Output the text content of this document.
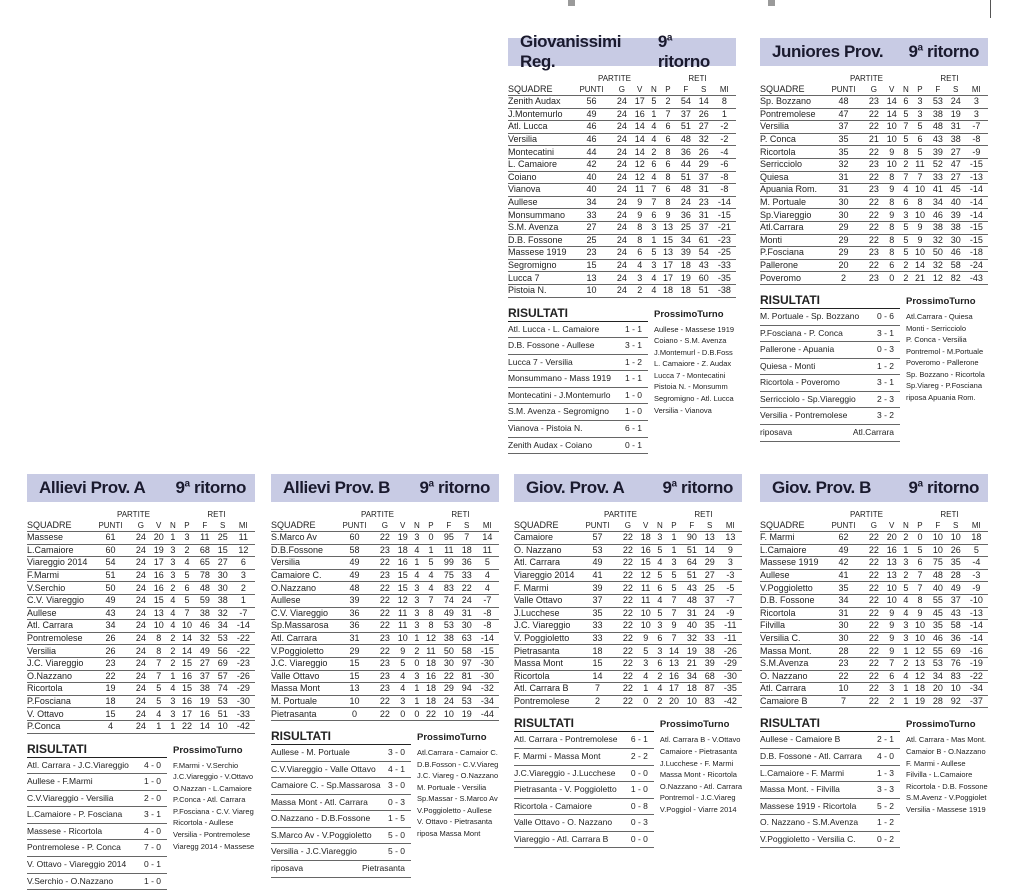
Giovanissimi Reg.
9$^a$ ritorno
	PARTITE				RETI			
SQUADRE	PUNTI	G	V	N	P	F	S	MI
Zenith Audax	56	24	17	5	2	54	14	8
J.Montemurlo	49	24	16	1	7	37	26	1
Atl. Lucca	46	24	14	4	6	51	27	-2
Versilia	46	24	14	4	6	48	32	-2
Montecatini	44	24	14	2	8	36	26	-4
L. Camaiore	42	24	12	6	6	44	29	-6
Coiano	40	24	12	4	8	51	37	-8
Vianova	40	24	11	7	6	48	31	-8
Aullese	34	24	9	7	8	24	23	-14
Monsummano	33	24	9	6	9	36	31	-15
S.M. Avenza	27	24	8	3	13	25	37	-21
D.B. Fossone	25	24	8	1	15	34	61	-23
Massese 1919	23	24	6	5	13	39	54	-25
Segromigno	15	24	4	3	17	18	43	-33
Lucca 7	13	24	3	4	17	19	60	-35
Pistoia N.	10	24	2	4	18	18	51	-38
RISULTATI
Atl. Lucca - L. Camaiore	1 - 1
D.B. Fossone - Aullese	3 - 1
Lucca 7 - Versilia	1 - 2
Monsummano - Mass 1919 1 - 1
Montecatini - J.Montemurlo 1 - 0
S.M. Avenza - Segromigno 1 - 0
Vianova - Pistoia N.	6 - 1
Zenith Audax - Coiano	0 - 1
ProssimoTurno
Aullese - Massese 1919
Coiano - S.M. Avenza
J.Montemurl - D.B.Foss
L. Camaiore - Z. Audax
Lucca 7 - Montecatini
Pistoia N. - Monsumm
Segromigno - Atl. Lucca
Versilia - Vianova
Juniores Prov. 9$^a$ ritorno
	PARTITE				RETI			
SQUADRE	PUNTI	G	V	N	P	F	S	MI
Sp. Bozzano	48	23	14	6	3	53	24	3
Pontremolese	47	22	14	5	3	38	19	3
Versilia	37	22	10	7	5	48	31	-7
P. Conca	35	21	10	5	6	43	38	-8
Ricortola	35	22	9	8	5	39	27	-9
Serricciolo	32	23	10	2	11	52	47	-15
Quiesa	31	22	8	7	7	33	27	-13
Apuania Rom.	31	23	9	4	10	41	45	-14
M. Portuale	30	22	8	6	8	34	40	-14
Sp.Viareggio	30	22	9	3	10	46	39	-14
Atl.Carrara	29	22	8	5	9	38	38	-15
Monti	29	22	8	5	9	32	30	-15
P.Fosciana	29	23	8	5	10	50	46	-18
Pallerone	20	22	6	2	14	32	58	-24
Poveromo	2	23	0	2	21	12	82	-43
RISULTATI
M. Portuale - Sp. Bozzano 0 - 6
P.Fosciana - P. Conca	3 - 1
Pallerone - Apuania	0 - 3
Quiesa - Monti	1 - 2
Ricortola - Poveromo	3 - 1
Serricciolo - Sp.Viareggio 2 - 3
Versilia - Pontremolese	3 - 2
riposava	Atl.Carrara
ProssimoTurno
Atl.Carrara - Quiesa
Monti - Serricciolo
P. Conca - Versilia
Pontremol - M.Portuale
Poveromo - Pallerone
Sp. Bozzano - Ricortola
Sp.Viareg - P.Fosciana
riposa Apuania Rom.
Allievi Prov. A 9$^a$ ritorno
	PARTITE				RETI			
SQUADRE	PUNTI	G	V	N	P	F	S	MI
Massese	61	24	20	1	3	11	25	11
L.Camaiore	60	24	19	3	2	68	15	12
Viareggio 2014	54	24	17	3	4	65	27	6
F.Marmi	51	24	16	3	5	78	30	3
V.Serchio	50	24	16	2	6	48	30	2
C.V. Viareggio	49	24	15	4	5	59	38	1
Aullese	43	24	13	4	7	38	32	-7
Atl. Carrara	34	24	10	4	10	46	34	-14
Pontremolese	26	24	8	2	14	32	53	-22
Versilia	26	24	8	2	14	49	56	-22
J.C. Viareggio	23	24	7	2	15	27	69	-23
O.Nazzano	22	24	7	1	16	37	57	-26
Ricortola	19	24	5	4	15	38	74	-29
P.Fosciana	18	24	5	3	16	19	53	-30
V. Ottavo	15	24	4	3	17	16	51	-33
P.Conca	4	24	1	1	22	14	10	-42
RISULTATI
Atl. Carrara - J.C.Viareggio 4 - 0
Aullese - F.Marmi	1 - 0
C.V.Viareggio - Versilia	2 - 0
L.Camaiore - P. Fosciana	3 - 1
Massese - Ricortola	4 - 0
Pontremolese - P. Conca	7 - 0
V. Ottavo - Viareggio 2014 0 - 1
V.Serchio - O.Nazzano	1 - 0
ProssimoTurno
F.Marmi - V.Serchio
J.C.Viareggio - V.Ottavo
O.Nazzan - L.Camaiore
P.Conca - Atl. Carrara
P.Fosciana - C.V. Viareg
Ricortola - Aullese
Versilia - Pontremolese
Viaregg 2014 - Massese
Allievi Prov. B 9$^a$ ritorno
	PARTITE				RETI			
SQUADRE	PUNTI	G	V	N	P	F	S	MI
S.Marco Av	60	22	19	3	0	95	7	14
D.B.Fossone	58	23	18	4	1	11	18	11
Versilia	49	22	16	1	5	99	36	5
Camaiore C.	49	23	15	4	4	75	33	4
O.Nazzano	48	22	15	3	4	83	22	4
Aullese	39	22	12	3	7	74	24	-7
C.V. Viareggio	36	22	11	3	8	49	31	-8
Sp.Massarosa	36	22	11	3	8	53	30	-8
Atl. Carrara	31	23	10	1	12	38	63	-14
V.Poggioletto	29	22	9	2	11	50	58	-15
J.C. Viareggio	15	23	5	0	18	30	97	-30
Valle Ottavo	15	23	4	3	16	22	81	-30
Massa Mont	13	23	4	1	18	29	94	-32
M. Portuale	10	22	3	1	18	24	53	-34
Pietrasanta	0	22	0	0	22	10	19	-44
RISULTATI
Aullese - M. Portuale	3 - 0
C.V.Viareggio - Valle Ottavo 4 - 1
Camaiore C. - Sp.Massarosa 3 - 0
Massa Mont - Atl. Carrara 0 - 3
O.Nazzano - D.B.Fossone 1 - 5
S.Marco Av - V.Poggioletto 5 - 0
Versilia - J.C.Viareggio	5 - 0
riposava	Pietrasanta
ProssimoTurno
Atl.Carrara - Camaior C.
D.B.Fosson - C.V.Viareg
J.C. Viareg - O.Nazzano
M. Portuale - Versilia
Sp.Massar - S.Marco Av
V.Poggioletto - Aullese
V. Ottavo - Pietrasanta
riposa Massa Mont
Giov. Prov. A 9$^a$ ritorno
	PARTITE				RETI			
SQUADRE	PUNTI	G	V	N	P	F	S	MI
Camaiore	57	22	18	3	1	90	13	13
O. Nazzano	53	22	16	5	1	51	14	9
Atl. Carrara	49	22	15	4	3	64	29	3
Viareggio 2014	41	22	12	5	5	51	27	-3
F. Marmi	39	22	11	6	5	43	25	-5
Valle Ottavo	37	22	11	4	7	48	37	-7
J.Lucchese	35	22	10	5	7	31	24	-9
J.C. Viareggio	33	22	10	3	9	40	35	-11
V. Poggioletto	33	22	9	6	7	32	33	-11
Pietrasanta	18	22	5	3	14	19	38	-26
Massa Mont	15	22	3	6	13	21	39	-29
Ricortola	14	22	4	2	16	34	68	-30
Atl. Carrara B	7	22	1	4	17	18	87	-35
Pontremolese	2	22	0	2	20	10	83	-42
RISULTATI
Atl. Carrara - Pontremolese 6 - 1
F. Marmi - Massa Mont	2 - 2
J.C.Viareggio - J.Lucchese 0 - 0
Pietrasanta - V. Poggioletto 1 - 0
Ricortola - Camaiore	0 - 8
Valle Ottavo - O. Nazzano 0 - 3
Viareggio - Atl. Carrara B	0 - 0
ProssimoTurno
Atl. Carrara B - V.Ottavo
Camaiore - Pietrasanta
J.Lucchese - F. Marmi
Massa Mont - Ricortola
O.Nazzano - Atl. Carrara
Pontremol - J.C.Viareg
V.Poggiol - Viarre 2014
Giov. Prov. B 9$^a$ ritorno
	PARTITE				RETI			
SQUADRE	PUNTI	G	V	N	P	F	S	MI
F. Marmi	62	22	20	2	0	10	10	18
L.Camaiore	49	22	16	1	5	10	26	5
Massese 1919	42	22	13	3	6	75	35	-4
Aullese	41	22	13	2	7	48	28	-3
V.Poggioletto	35	22	10	5	7	40	49	-9
D.B. Fossone	34	22	10	4	8	55	37	-10
Ricortola	31	22	9	4	9	45	43	-13
Filvilla	30	22	9	3	10	35	58	-14
Versilia C.	30	22	9	3	10	46	36	-14
Massa Mont.	28	22	9	1	12	55	69	-16
S.M.Avenza	23	22	7	2	13	53	76	-19
O. Nazzano	22	22	6	4	12	34	83	-22
Atl. Carrara	10	22	3	1	18	20	10	-34
Camaiore B	7	22	2	1	19	28	92	-37
RISULTATI
Aullese - Camaiore B	2 - 1
D.B. Fossone - Atl. Carrara 4 - 0
L.Camaiore - F. Marmi	1 - 3
Massa Mont. - Filvilla	3 - 3
Massese 1919 - Ricortola 5 - 2
O. Nazzano - S.M.Avenza 1 - 2
V.Poggioletto - Versilia C.	0 - 2
ProssimoTurno
Atl. Carrara - Mas Mont.
Camaior B - O.Nazzano
F. Marmi - Aullese
Filvilla - L.Camaiore
Ricortola - D.B. Fossone
S.M.Avenz - V.Poggiolet
Versilia - Massese 1919
